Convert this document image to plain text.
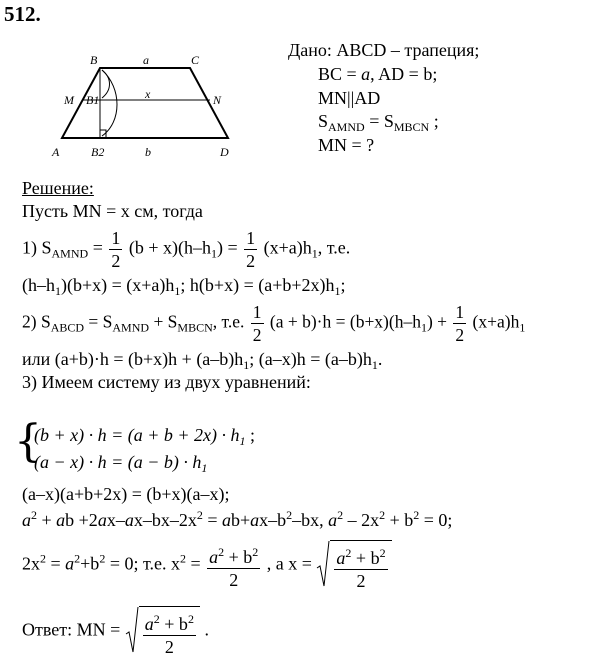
512.
B	C
a
M B1	x	N
A	B2	b	D
Дано: ABCD – трапеция;
BC = a, AD = b;
MN||AD
$S_{AMND} = S_{MBCN}$ ;
MN = ?
Решение:
Пусть MN = x см, тогда
1) $S_{AMND} = \frac{1}{2} (b + x)(h-h_1) = \frac{1}{2} (x+a)h_1$, т.е.
$(h-h_1)(b+x) = (x+a)h_1$; $h(b+x) = (a+b+2x)h_1$;
2) $S_{ABCD} = S_{AMND} + S_{MBCN}$, т.е. $\frac{1}{2} (a + b)\cdot h = (b+x)(h-h_1) + \frac{1}{2} (x+a)h_1$
или $(a+b)\cdot h = (b+x)h + (a-b)h_1$; $(a-x)h = (a-b)h_1$.
3) Имеем систему из двух уравнений:
{
$(b + x) \cdot h = (a + b + 2x) \cdot h_1$ ;
$(a - x) \cdot h = (a - b) \cdot h_1$
(a–x)(a+b+2x) = (b+x)(a–x);
$a^2$ + ab $+2ax-ax-bx-2x^2 = ab+ax-b^2-bx$, $a^2 - 2x^2 + b^2 = 0$;
$2x^2 = a^2+b^2 = 0$; т.е. $x^2 = \frac{a^2 + b^2}{2}$ , а $x = \frac{a^2 + b^2}{2}$
Ответ: MN = $\frac{a^2 + b^2}{2}$ .
